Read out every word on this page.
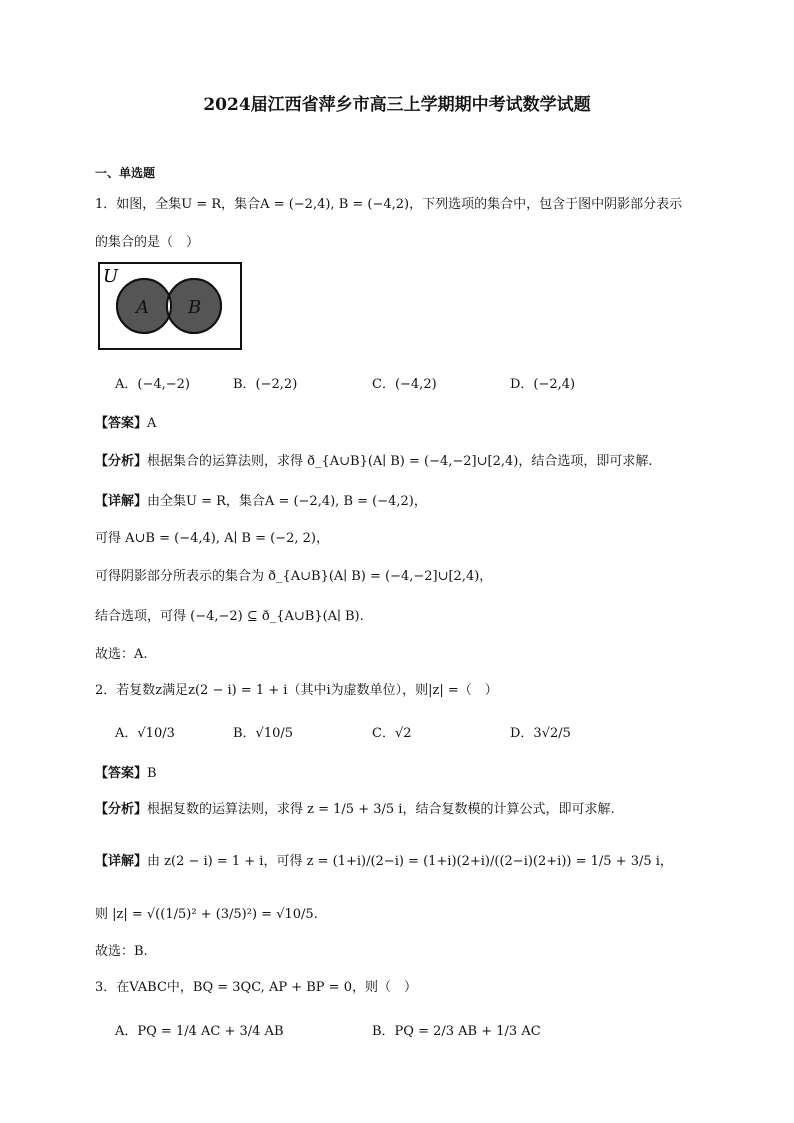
2024届江西省萍乡市高三上学期期中考试数学试题
一、单选题
1．如图，全集U = R，集合A = (−2,4), B = (−4,2)，下列选项的集合中，包含于图中阴影部分表示
的集合的是（　）
U
A B
A．(−4,−2)	B．(−2,2)	C．(−4,2)	D．(−2,4)
【答案】A
【分析】根据集合的运算法则，求得 ð_{A∪B}(A∣ B) = (−4,−2]∪[2,4)，结合选项，即可求解.
【详解】由全集U = R，集合A = (−2,4), B = (−4,2)，
可得 A∪B = (−4,4), A∣ B = (−2, 2)，
可得阴影部分所表示的集合为 ð_{A∪B}(A∣ B) = (−4,−2]∪[2,4)，
结合选项，可得 (−4,−2) ⊆ ð_{A∪B}(A∣ B).
故选：A.
2．若复数z满足z(2 − i) = 1 + i（其中i为虚数单位），则|z| =（　）
A．√10/3	B．√10/5	C．√2	D．3√2/5
【答案】B
【分析】根据复数的运算法则，求得 z = 1/5 + 3/5 i，结合复数模的计算公式，即可求解.
【详解】由 z(2 − i) = 1 + i，可得 z = (1+i)/(2−i) = (1+i)(2+i)/((2−i)(2+i)) = 1/5 + 3/5 i，
则 |z| = √((1/5)² + (3/5)²) = √10/5.
故选：B.
3．在VABC中，BQ = 3QC, AP + BP = 0，则（　）
A．PQ = 1/4 AC + 3/4 AB	B．PQ = 2/3 AB + 1/3 AC
